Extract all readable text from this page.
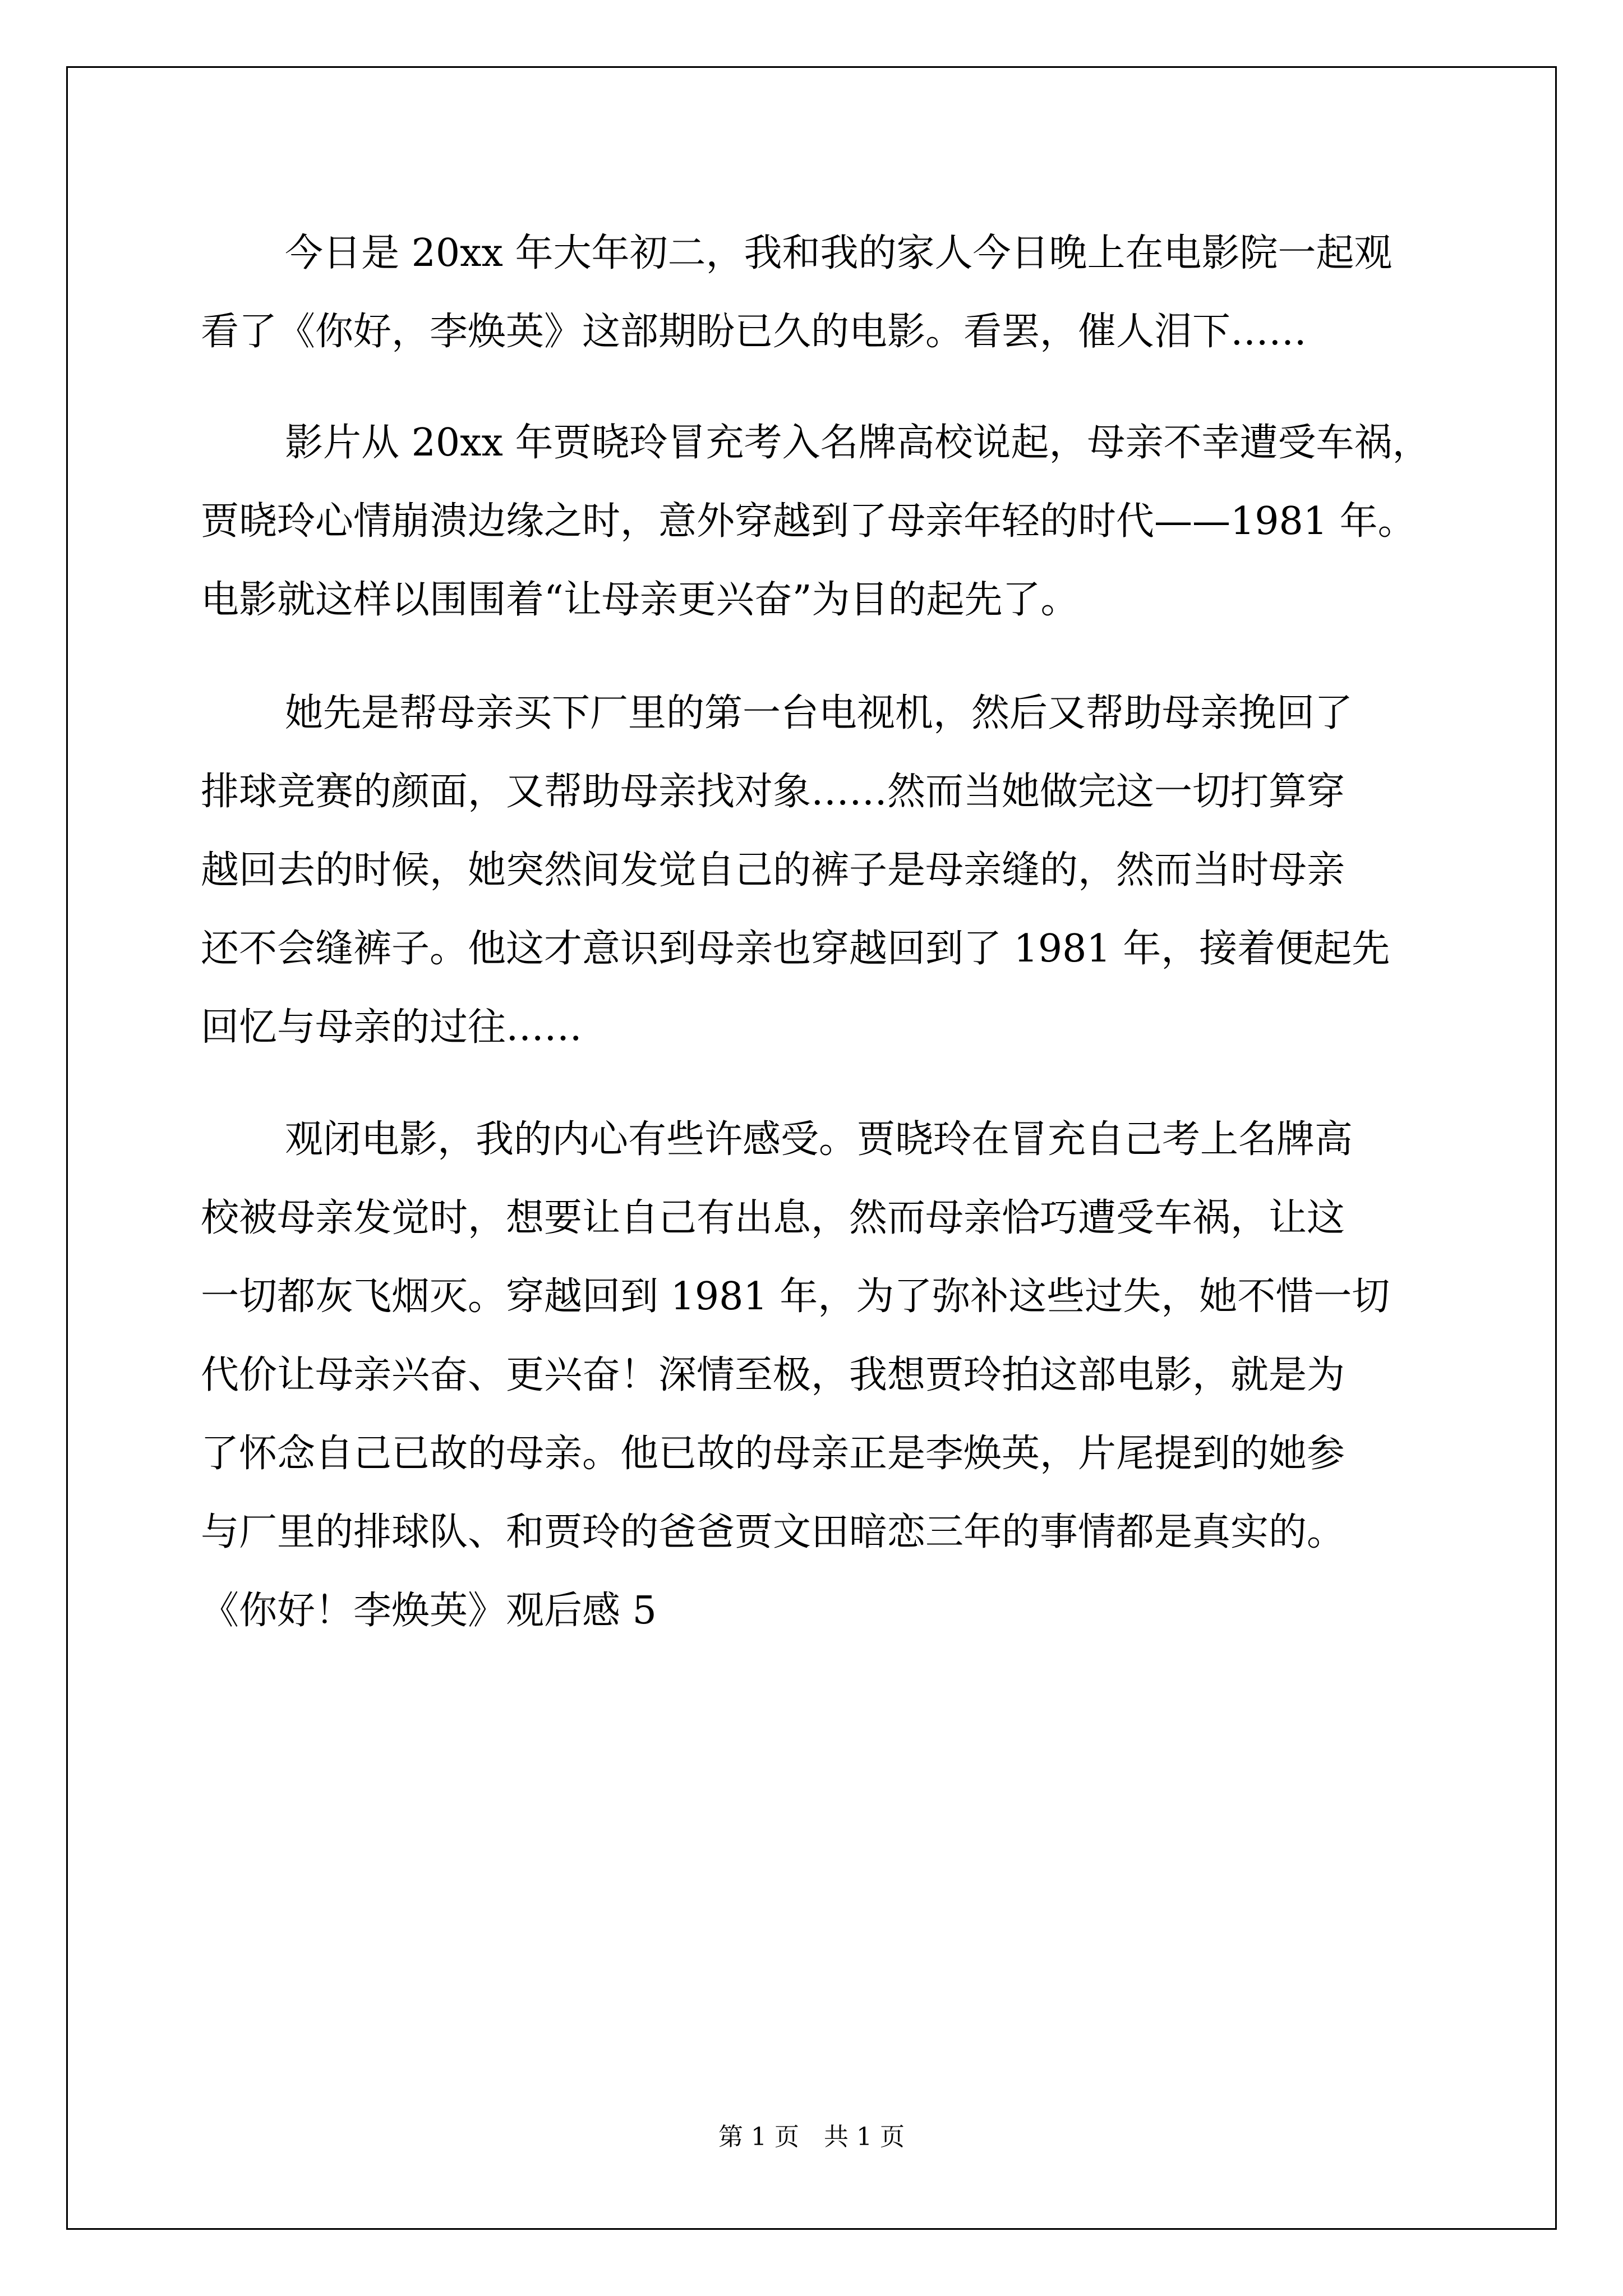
今日是 20xx 年大年初二，我和我的家人今日晚上在电影院一起观
看了《你好，李焕英》这部期盼已久的电影。看罢，催人泪下……
影片从 20xx 年贾晓玲冒充考入名牌高校说起，母亲不幸遭受车祸，
贾晓玲心情崩溃边缘之时，意外穿越到了母亲年轻的时代——1981 年。
电影就这样以围围着“让母亲更兴奋”为目的起先了。
她先是帮母亲买下厂里的第一台电视机，然后又帮助母亲挽回了
排球竞赛的颜面，又帮助母亲找对象……然而当她做完这一切打算穿
越回去的时候，她突然间发觉自己的裤子是母亲缝的，然而当时母亲
还不会缝裤子。他这才意识到母亲也穿越回到了 1981 年，接着便起先
回忆与母亲的过往……
观闭电影，我的内心有些许感受。贾晓玲在冒充自己考上名牌高
校被母亲发觉时，想要让自己有出息，然而母亲恰巧遭受车祸，让这
一切都灰飞烟灭。穿越回到 1981 年，为了弥补这些过失，她不惜一切
代价让母亲兴奋、更兴奋！深情至极，我想贾玲拍这部电影，就是为
了怀念自己已故的母亲。他已故的母亲正是李焕英，片尾提到的她参
与厂里的排球队、和贾玲的爸爸贾文田暗恋三年的事情都是真实的。
《你好！李焕英》观后感 5
第 1 页　共 1 页
